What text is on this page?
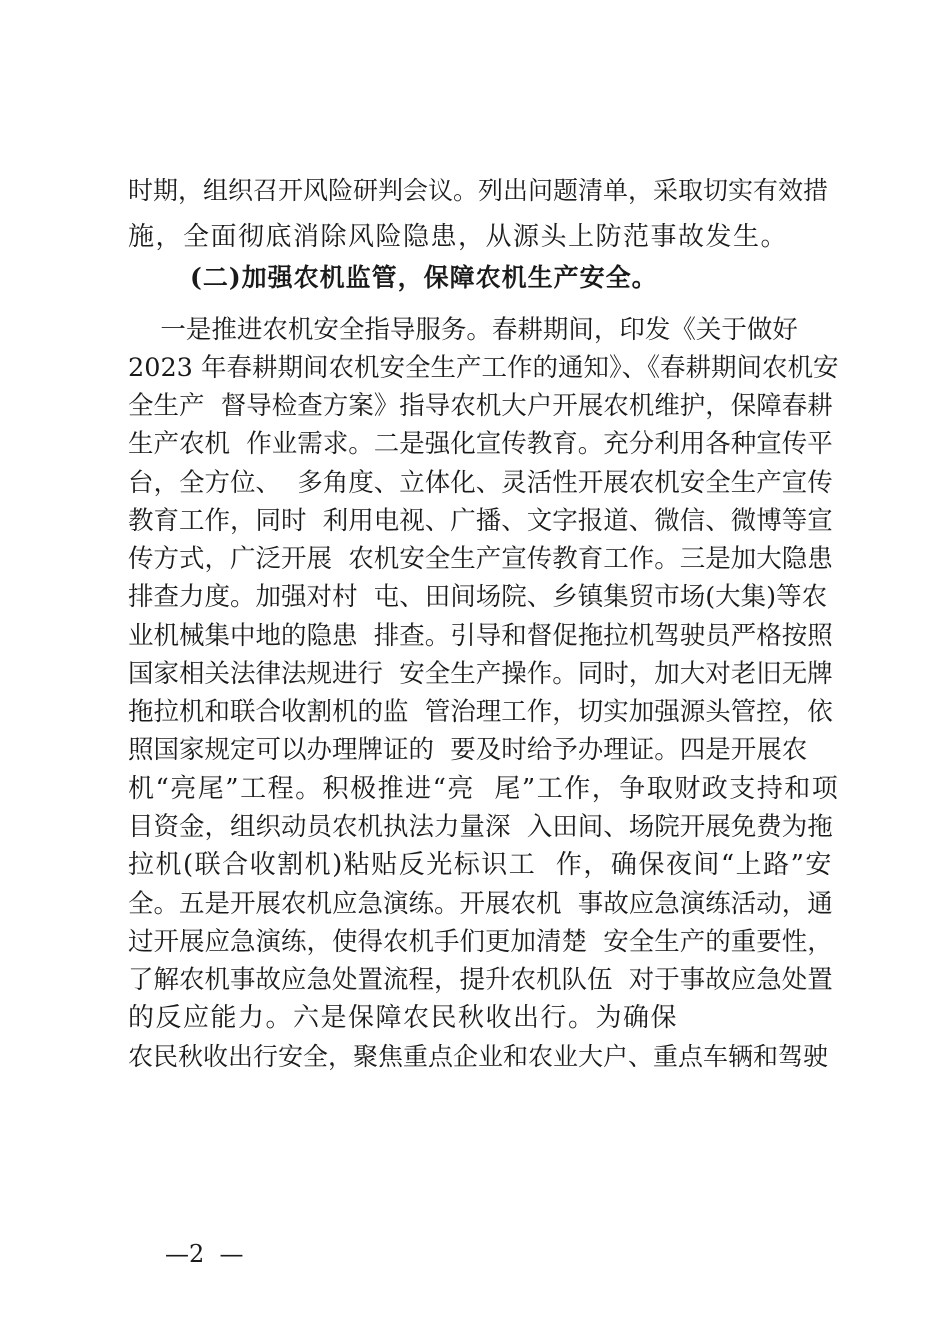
时期，组织召开风险研判会议。列出问题清单，采取切实有效措
施，全面彻底消除风险隐患，从源头上防范事故发生。
(二)加强农机监管，保障农机生产安全。
一是推进农机安全指导服务。春耕期间，印发《关于做好
2023 年春耕期间农机安全生产工作的通知》、《春耕期间农机安
全生产  督导检查方案》指导农机大户开展农机维护，保障春耕
生产农机  作业需求。二是强化宣传教育。充分利用各种宣传平
台，全方位、  多角度、立体化、灵活性开展农机安全生产宣传
教育工作，同时  利用电视、广播、文字报道、微信、微博等宣
传方式，广泛开展  农机安全生产宣传教育工作。三是加大隐患
排查力度。加强对村  屯、田间场院、乡镇集贸市场(大集)等农
业机械集中地的隐患  排查。引导和督促拖拉机驾驶员严格按照
国家相关法律法规进行  安全生产操作。同时，加大对老旧无牌
拖拉机和联合收割机的监  管治理工作，切实加强源头管控，依
照国家规定可以办理牌证的  要及时给予办理证。四是开展农
机“亮尾”工程。积极推进“亮  尾”工作，争取财政支持和项
目资金，组织动员农机执法力量深  入田间、场院开展免费为拖
拉机(联合收割机)粘贴反光标识工  作，确保夜间“上路”安
全。五是开展农机应急演练。开展农机  事故应急演练活动，通
过开展应急演练，使得农机手们更加清楚  安全生产的重要性，
了解农机事故应急处置流程，提升农机队伍  对于事故应急处置
的反应能力。六是保障农民秋收出行。为确保
农民秋收出行安全，聚焦重点企业和农业大户、重点车辆和驾驶
—2  —
